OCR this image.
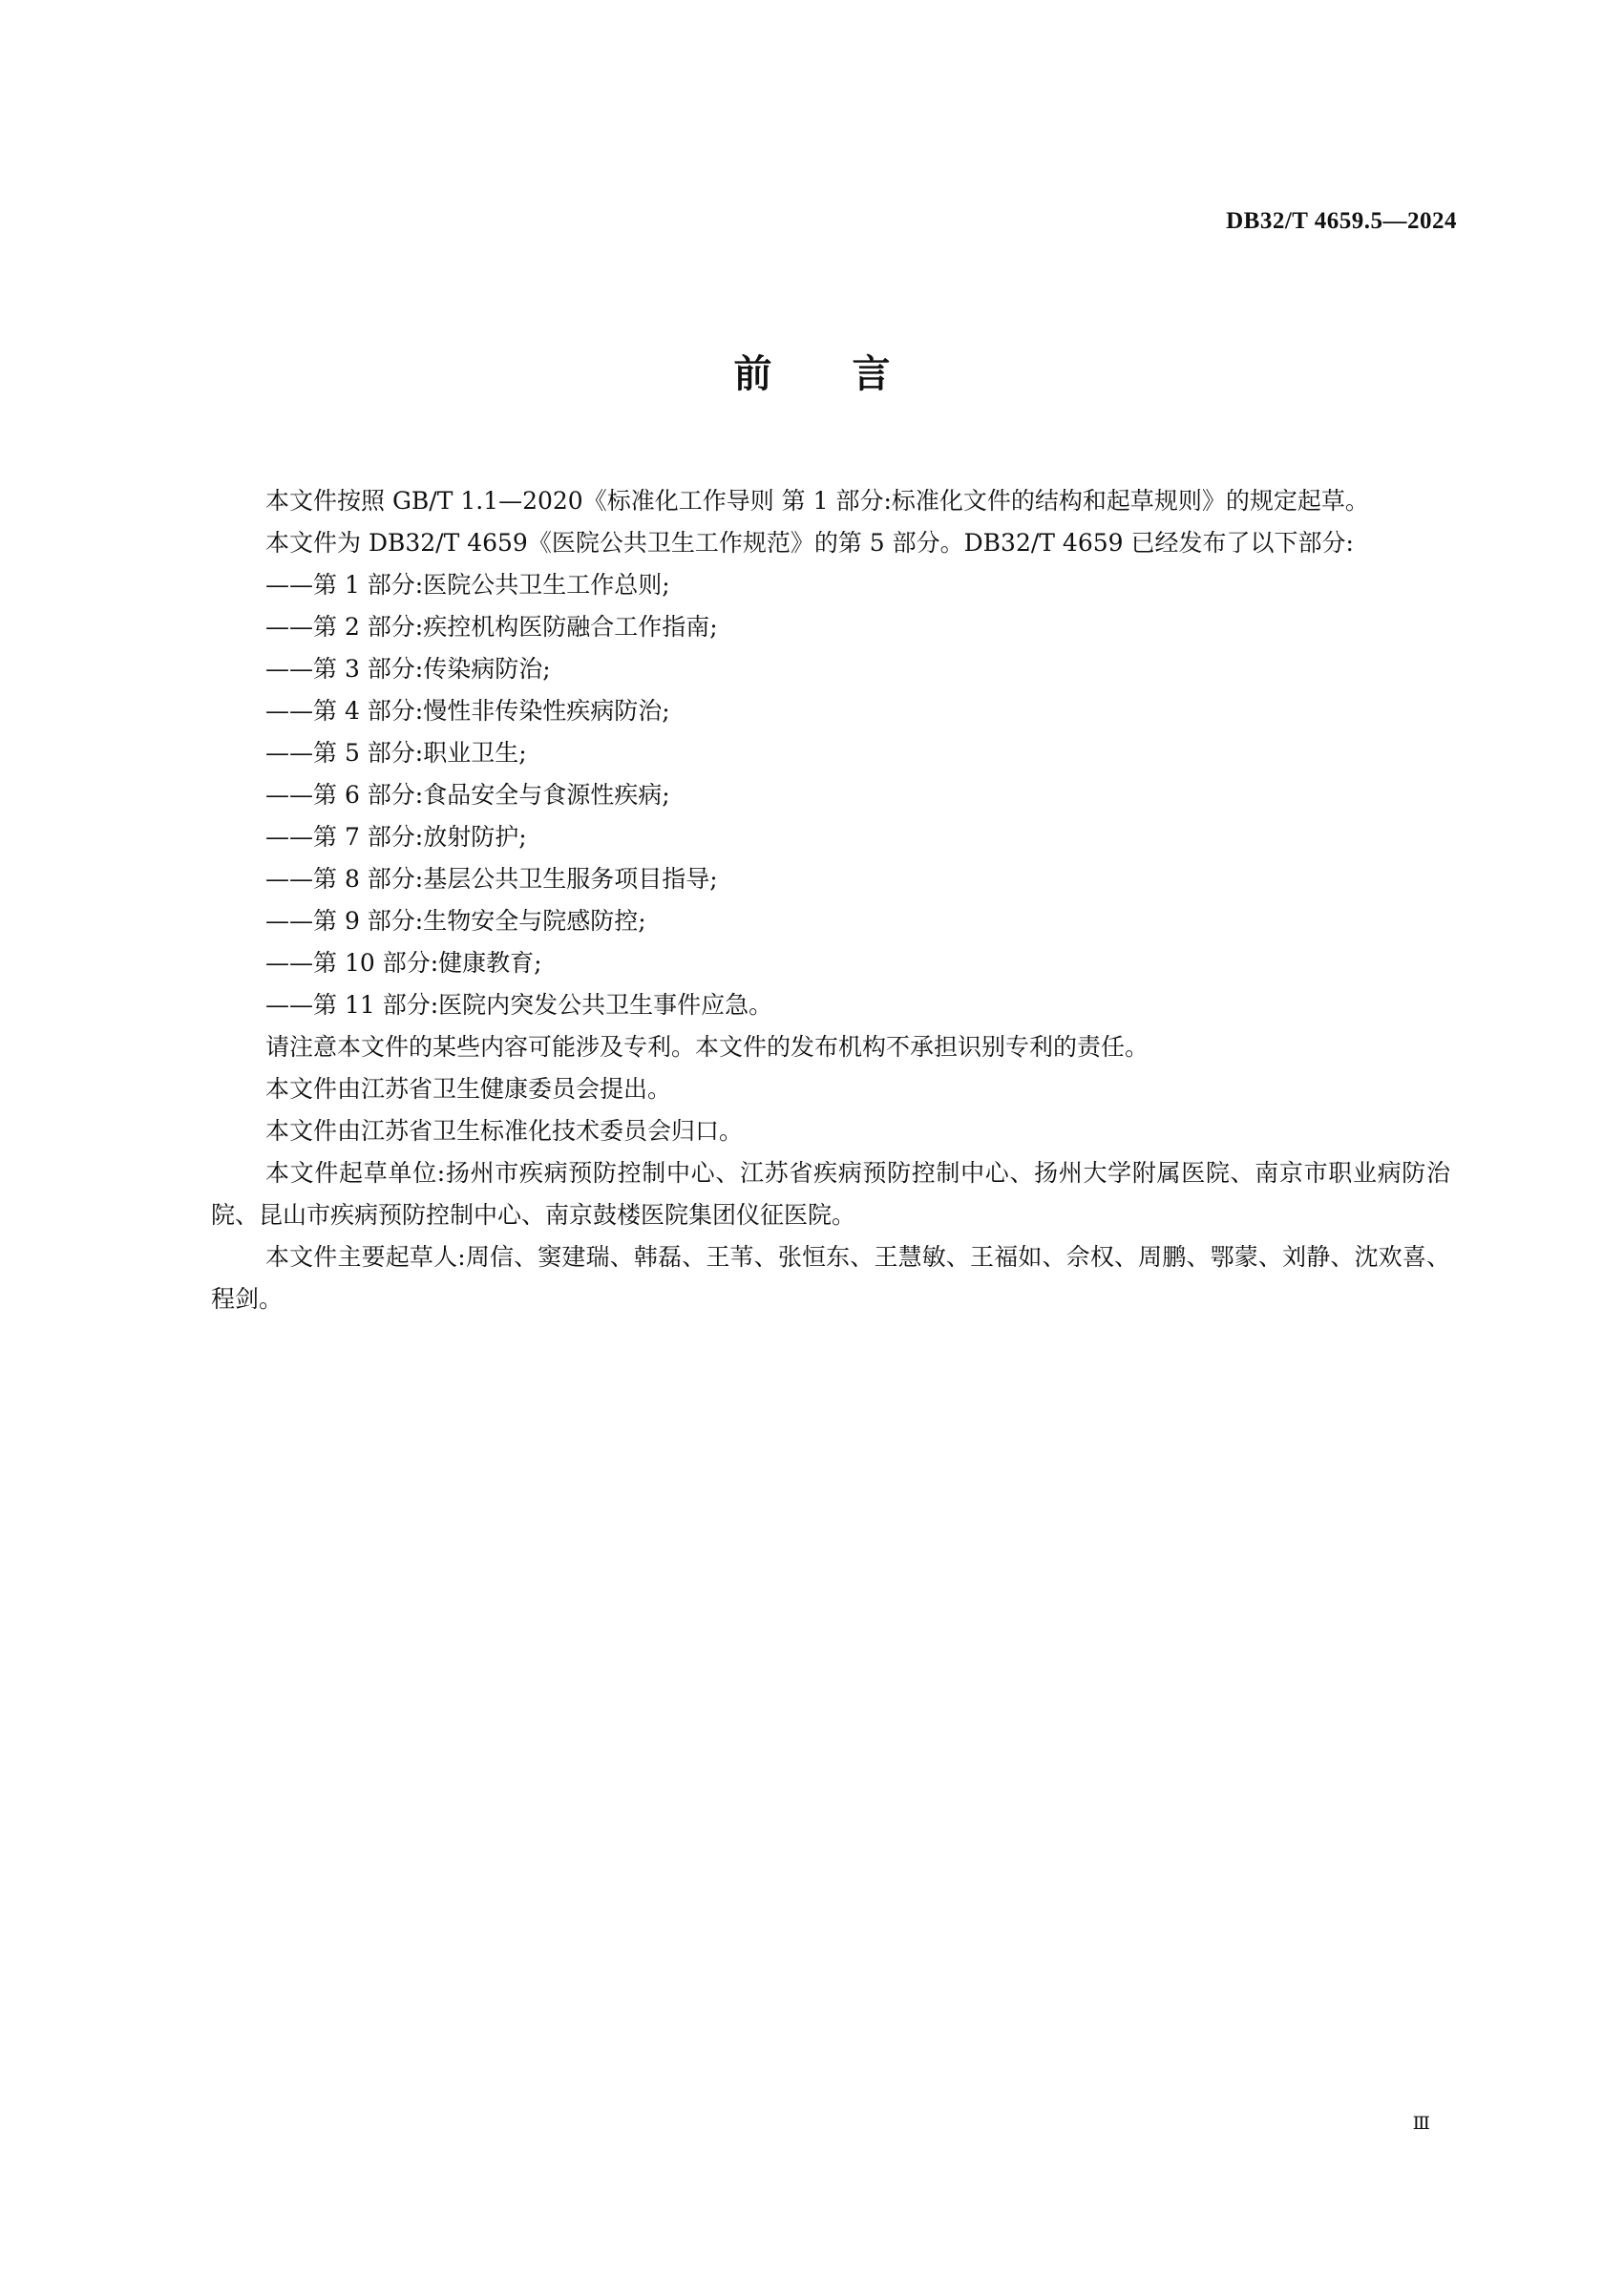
DB32/T 4659.5—2024
前言

本文件按照 GB/T 1.1—2020《标准化工作导则 第 1 部分:标准化文件的结构和起草规则》的规定起草。

本文件为 DB32/T 4659《医院公共卫生工作规范》的第 5 部分。DB32/T 4659 已经发布了以下部分:

——第 1 部分:医院公共卫生工作总则;

——第 2 部分:疾控机构医防融合工作指南;

——第 3 部分:传染病防治;

——第 4 部分:慢性非传染性疾病防治;

——第 5 部分:职业卫生;

——第 6 部分:食品安全与食源性疾病;

——第 7 部分:放射防护;

——第 8 部分:基层公共卫生服务项目指导;

——第 9 部分:生物安全与院感防控;

——第 10 部分:健康教育;

——第 11 部分:医院内突发公共卫生事件应急。

请注意本文件的某些内容可能涉及专利。本文件的发布机构不承担识别专利的责任。

本文件由江苏省卫生健康委员会提出。

本文件由江苏省卫生标准化技术委员会归口。

本文件起草单位:扬州市疾病预防控制中心、江苏省疾病预防控制中心、扬州大学附属医院、南京市职业病防治院、昆山市疾病预防控制中心、南京鼓楼医院集团仪征医院。

本文件主要起草人:周信、窦建瑞、韩磊、王苇、张恒东、王慧敏、王福如、佘权、周鹏、鄂蒙、刘静、沈欢喜、程剑。

Ⅲ
